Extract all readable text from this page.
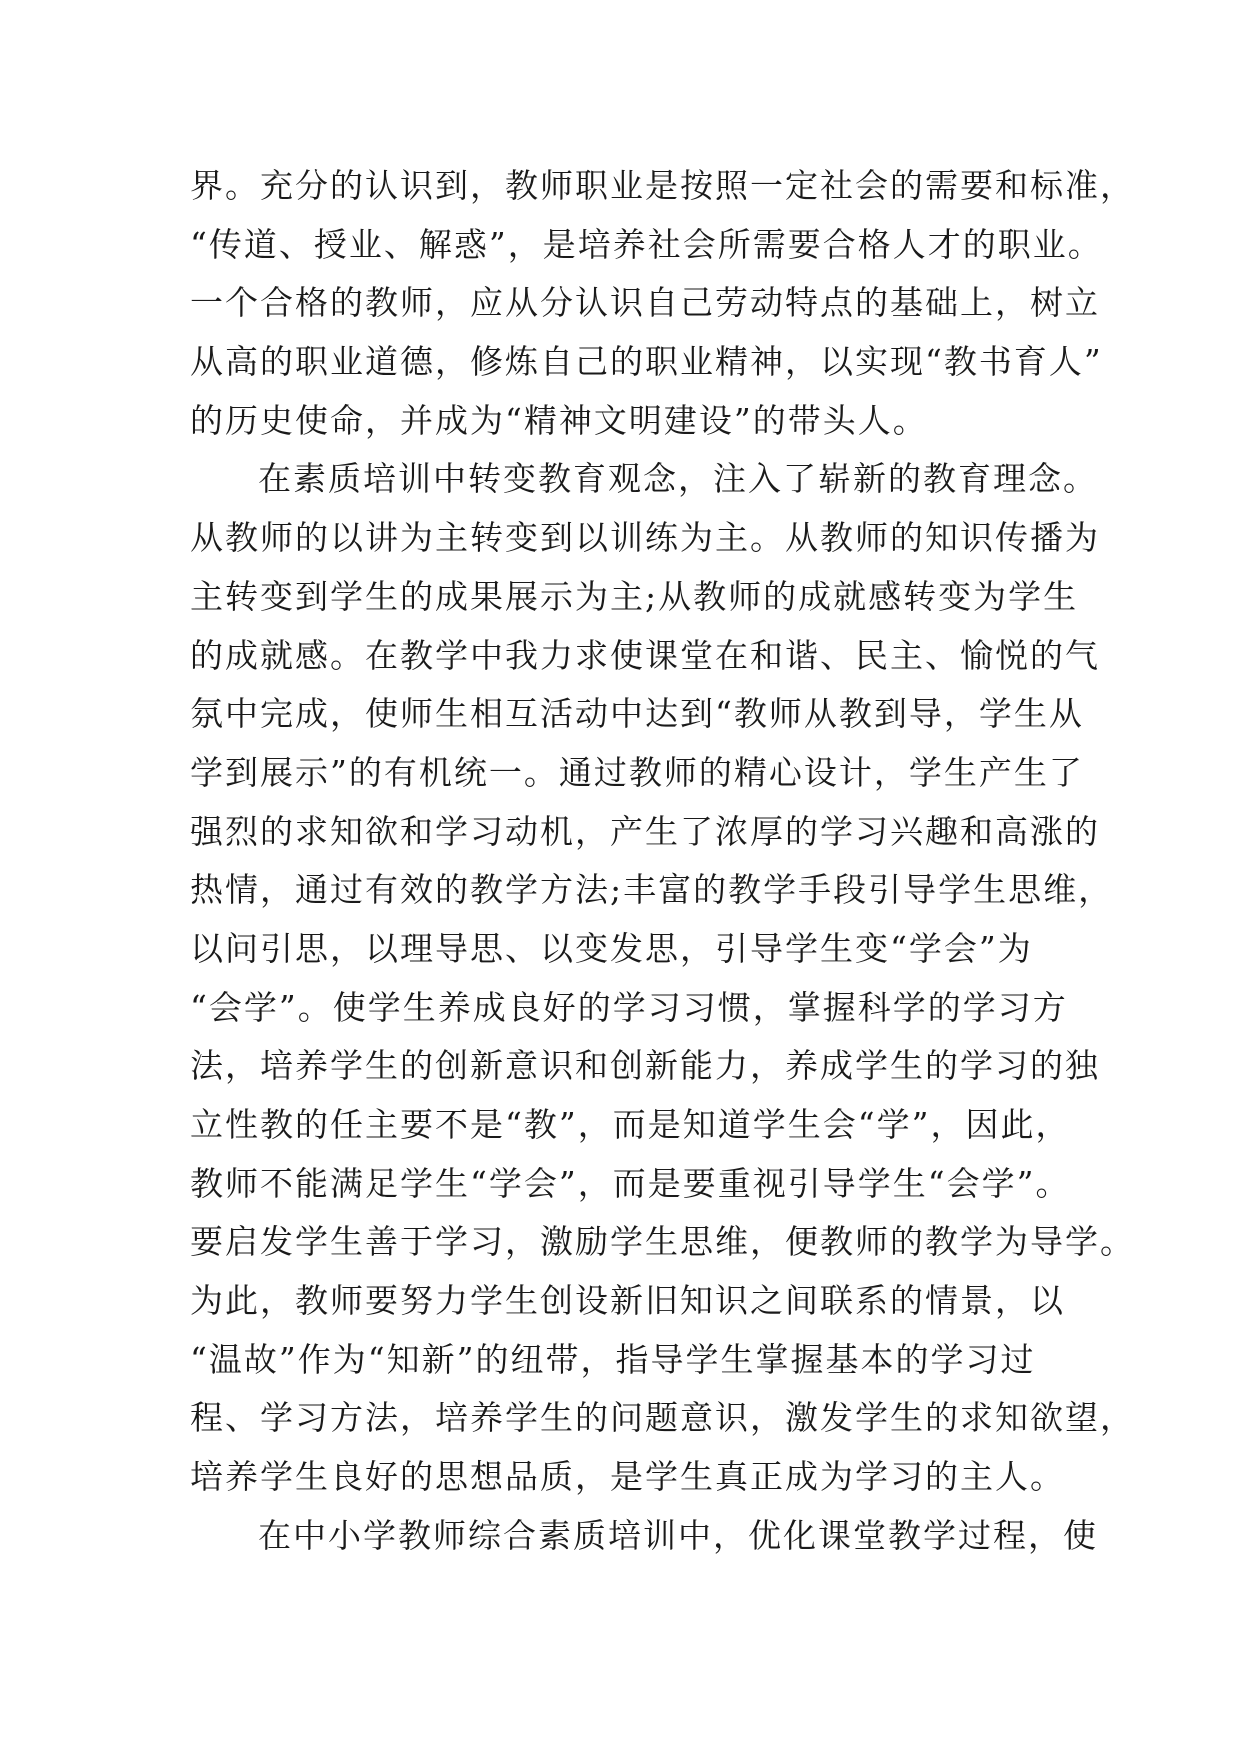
界。充分的认识到，教师职业是按照一定社会的需要和标准，
“传道、授业、解惑”，是培养社会所需要合格人才的职业。
一个合格的教师，应从分认识自己劳动特点的基础上，树立
从高的职业道德，修炼自己的职业精神，以实现“教书育人”
的历史使命，并成为“精神文明建设”的带头人。
在素质培训中转变教育观念，注入了崭新的教育理念。
从教师的以讲为主转变到以训练为主。从教师的知识传播为
主转变到学生的成果展示为主;从教师的成就感转变为学生
的成就感。在教学中我力求使课堂在和谐、民主、愉悦的气
氛中完成，使师生相互活动中达到“教师从教到导，学生从
学到展示”的有机统一。通过教师的精心设计，学生产生了
强烈的求知欲和学习动机，产生了浓厚的学习兴趣和高涨的
热情，通过有效的教学方法;丰富的教学手段引导学生思维，
以问引思，以理导思、以变发思，引导学生变“学会”为
“会学”。使学生养成良好的学习习惯，掌握科学的学习方
法，培养学生的创新意识和创新能力，养成学生的学习的独
立性教的任主要不是“教”，而是知道学生会“学”，因此，
教师不能满足学生“学会”，而是要重视引导学生“会学”。
要启发学生善于学习，激励学生思维，便教师的教学为导学。
为此，教师要努力学生创设新旧知识之间联系的情景，以
“温故”作为“知新”的纽带，指导学生掌握基本的学习过
程、学习方法，培养学生的问题意识，激发学生的求知欲望，
培养学生良好的思想品质，是学生真正成为学习的主人。
在中小学教师综合素质培训中，优化课堂教学过程，使
